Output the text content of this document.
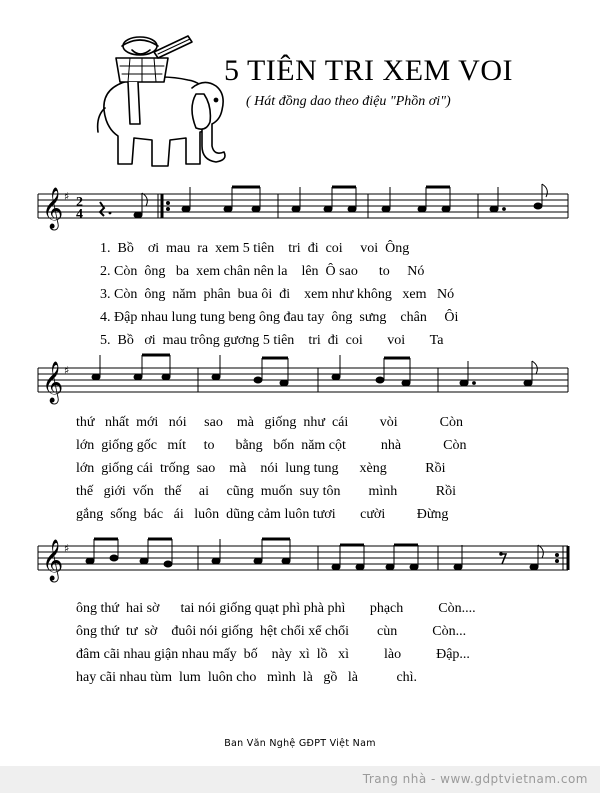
5 TIÊN TRI XEM VOI
( Hát đồng dao theo điệu "Phồn ơi")
𝄞 ♯ 2
4
1. Bồ ơi mau ra xem 5 tiên tri đi coi voi Ông
2. Còn ông ba xem chân nên la lên Ô sao to Nó
3. Còn ông năm phân bua ôi đi xem như không xem Nó
4. Đập nhau lung tung beng ông đau tay ông sưng chân Ôi
5. Bồ ơi mau trông gương 5 tiên tri đi coi voi Ta
𝄞 ♯
thứ nhất mới nói sao mà giống như cái vòi	Còn
lớn giống gốc mít to bằng bốn năm cột	nhà	Còn
lớn giống cái trống sao mà nói lung tung xèng	Rồi
thế giới vốn thế ai cũng muốn suy tôn mình	Rồi
gắng sống bác ái luôn dũng cảm luôn tươi cười Đừng
𝄞 ♯
ông thứ hai sờ tai nói giống quạt phì phà phì phạch	Còn....
ông thứ tư sờ đuôi nói giống hệt chổi xể chổi cùn	Còn...
đâm cãi nhau giận nhau mấy bố này xì lồ xì	lào	Đập...
hay cãi nhau tùm lum luôn cho mình là gồ là	chì.
Ban Văn Nghệ GĐPT Việt Nam
Trang nhà - www.gdptvietnam.com
